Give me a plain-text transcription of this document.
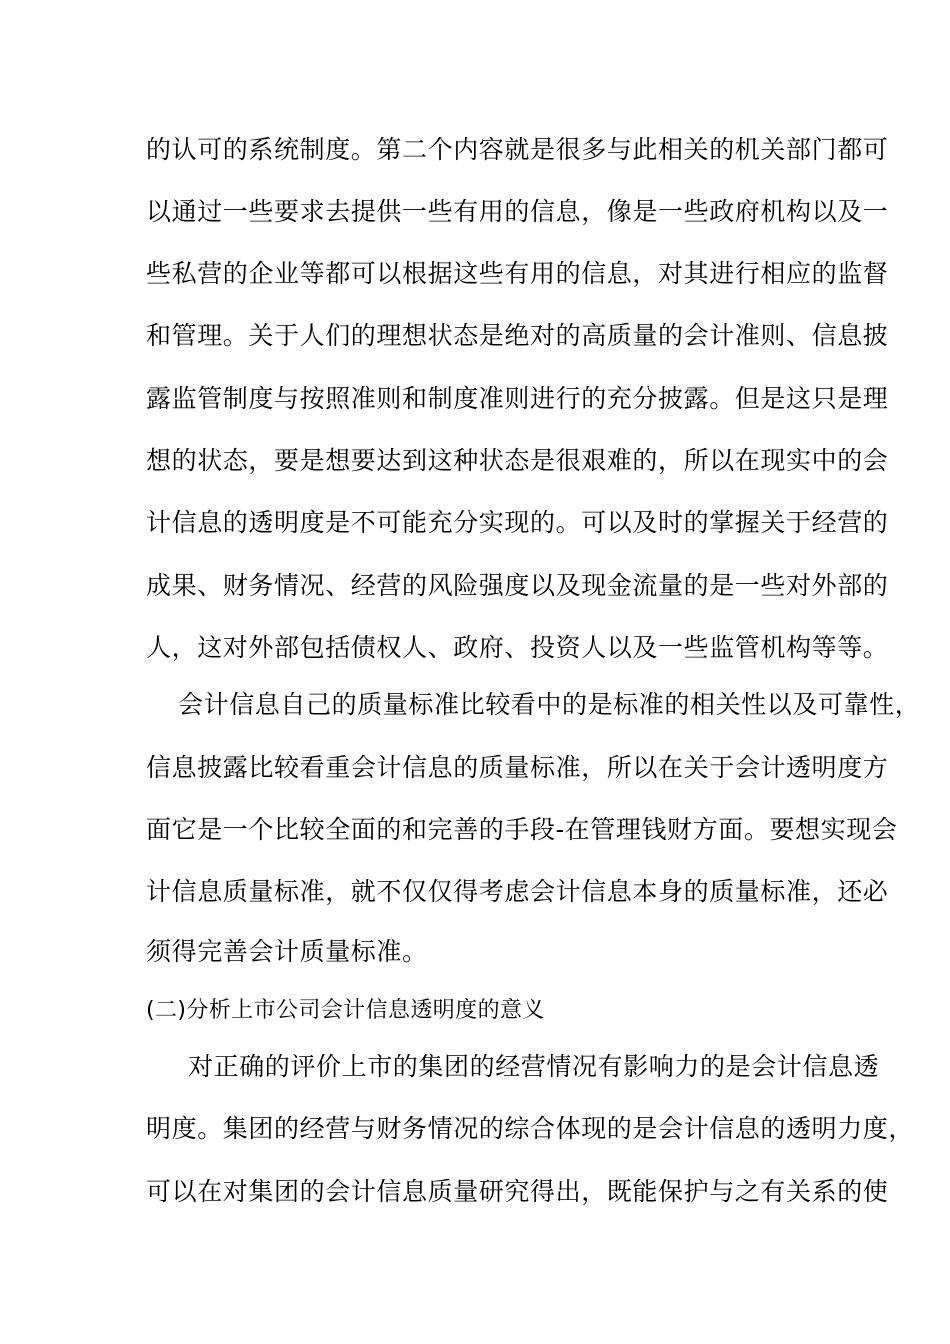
的认可的系统制度。第二个内容就是很多与此相关的机关部门都可
以通过一些要求去提供一些有用的信息，像是一些政府机构以及一
些私营的企业等都可以根据这些有用的信息，对其进行相应的监督
和管理。关于人们的理想状态是绝对的高质量的会计准则、信息披
露监管制度与按照准则和制度准则进行的充分披露。但是这只是理
想的状态，要是想要达到这种状态是很艰难的，所以在现实中的会
计信息的透明度是不可能充分实现的。可以及时的掌握关于经营的
成果、财务情况、经营的风险强度以及现金流量的是一些对外部的
人，这对外部包括债权人、政府、投资人以及一些监管机构等等。
会计信息自己的质量标准比较看中的是标准的相关性以及可靠性，
信息披露比较看重会计信息的质量标准，所以在关于会计透明度方
面它是一个比较全面的和完善的手段-在管理钱财方面。要想实现会
计信息质量标准，就不仅仅得考虑会计信息本身的质量标准，还必
须得完善会计质量标准。
(二)分析上市公司会计信息透明度的意义
对正确的评价上市的集团的经营情况有影响力的是会计信息透
明度。集团的经营与财务情况的综合体现的是会计信息的透明力度，
可以在对集团的会计信息质量研究得出，既能保护与之有关系的使
